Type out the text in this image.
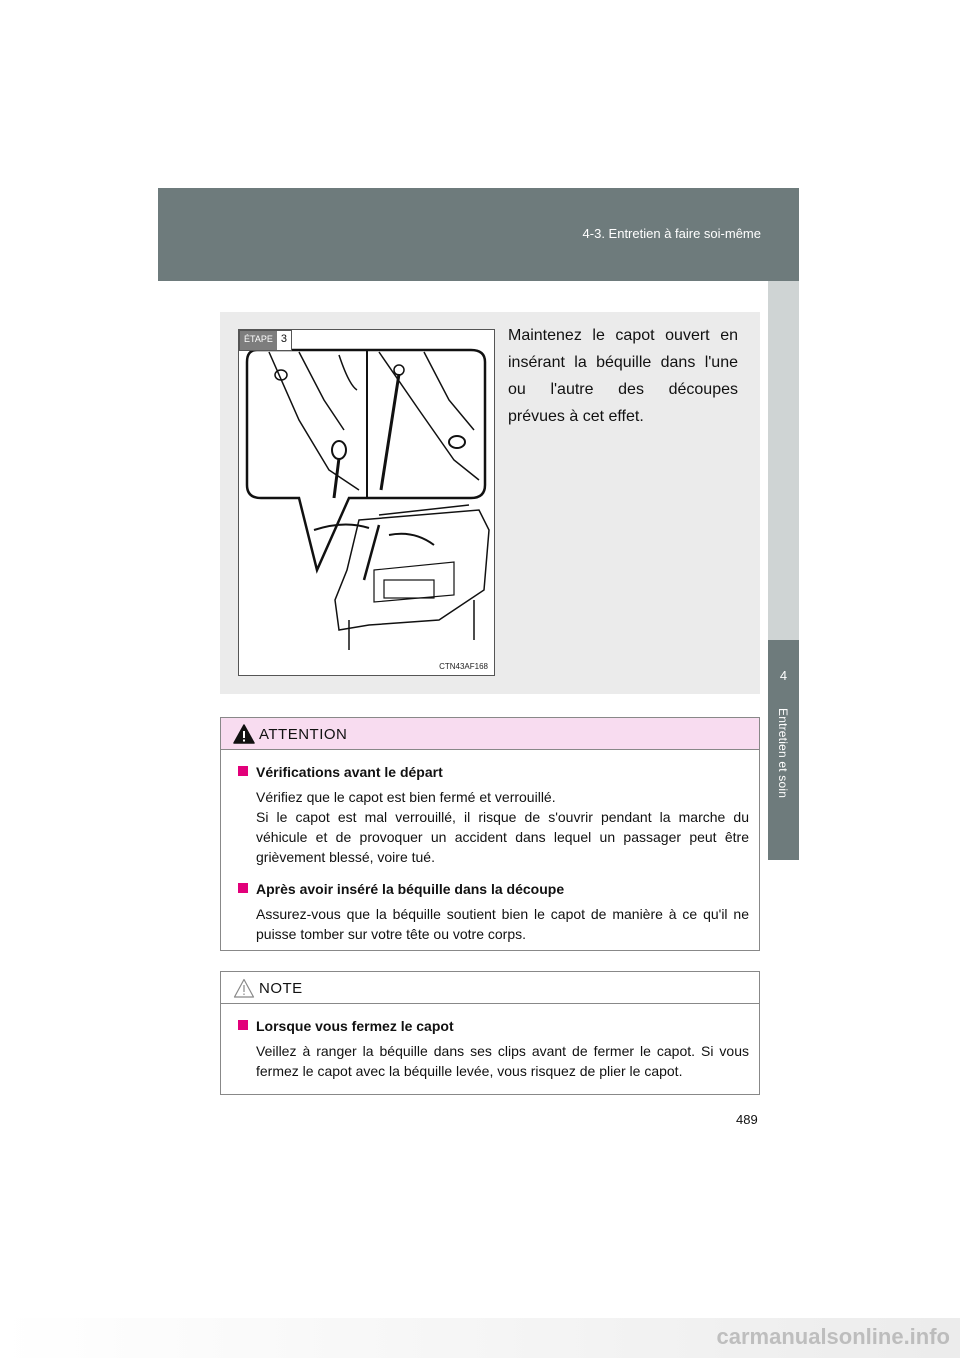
4-3. Entretien à faire soi-même
4
Entretien et soin
ÉTAPE 3
CTN43AF168
Maintenez le capot ouvert en insérant la béquille dans l'une ou l'autre des découpes prévues à cet effet.
ATTENTION
Vérifications avant le départ

Vérifiez que le capot est bien fermé et verrouillé.

Si le capot est mal verrouillé, il risque de s'ouvrir pendant la marche du véhicule et de provoquer un accident dans lequel un passager peut être grièvement blessé, voire tué.

Après avoir inséré la béquille dans la découpe

Assurez-vous que la béquille soutient bien le capot de manière à ce qu'il ne puisse tomber sur votre tête ou votre corps.

NOTE
Lorsque vous fermez le capot

Veillez à ranger la béquille dans ses clips avant de fermer le capot. Si vous fermez le capot avec la béquille levée, vous risquez de plier le capot.

489
carmanualsonline.info
